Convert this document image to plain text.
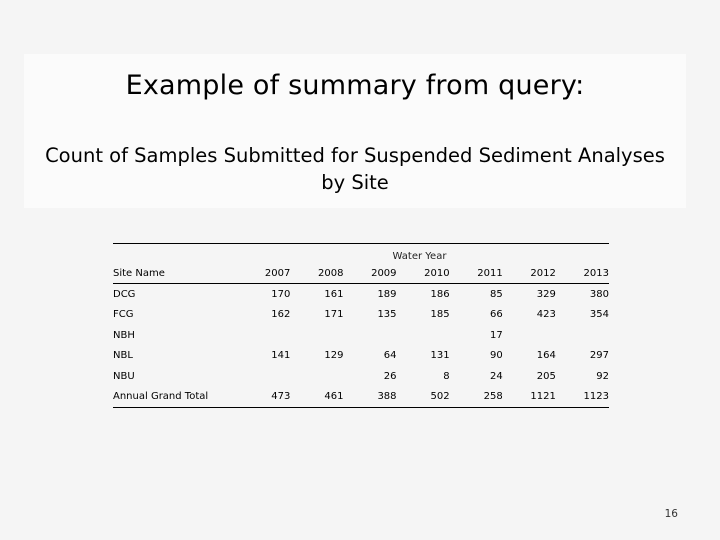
Example of summary from query:

Count of Samples Submitted for Suspended Sediment Analyses by Site

Water Year
Site Name	2007	2008	2009	2010	2011	2012	2013
DCG	170	161	189	186	85	329	380
FCG	162	171	135	185	66	423	354
NBH					17		
NBL	141	129	64	131	90	164	297
NBU			26	8	24	205	92
Annual Grand Total	473	461	388	502	258	1121	1123
16
